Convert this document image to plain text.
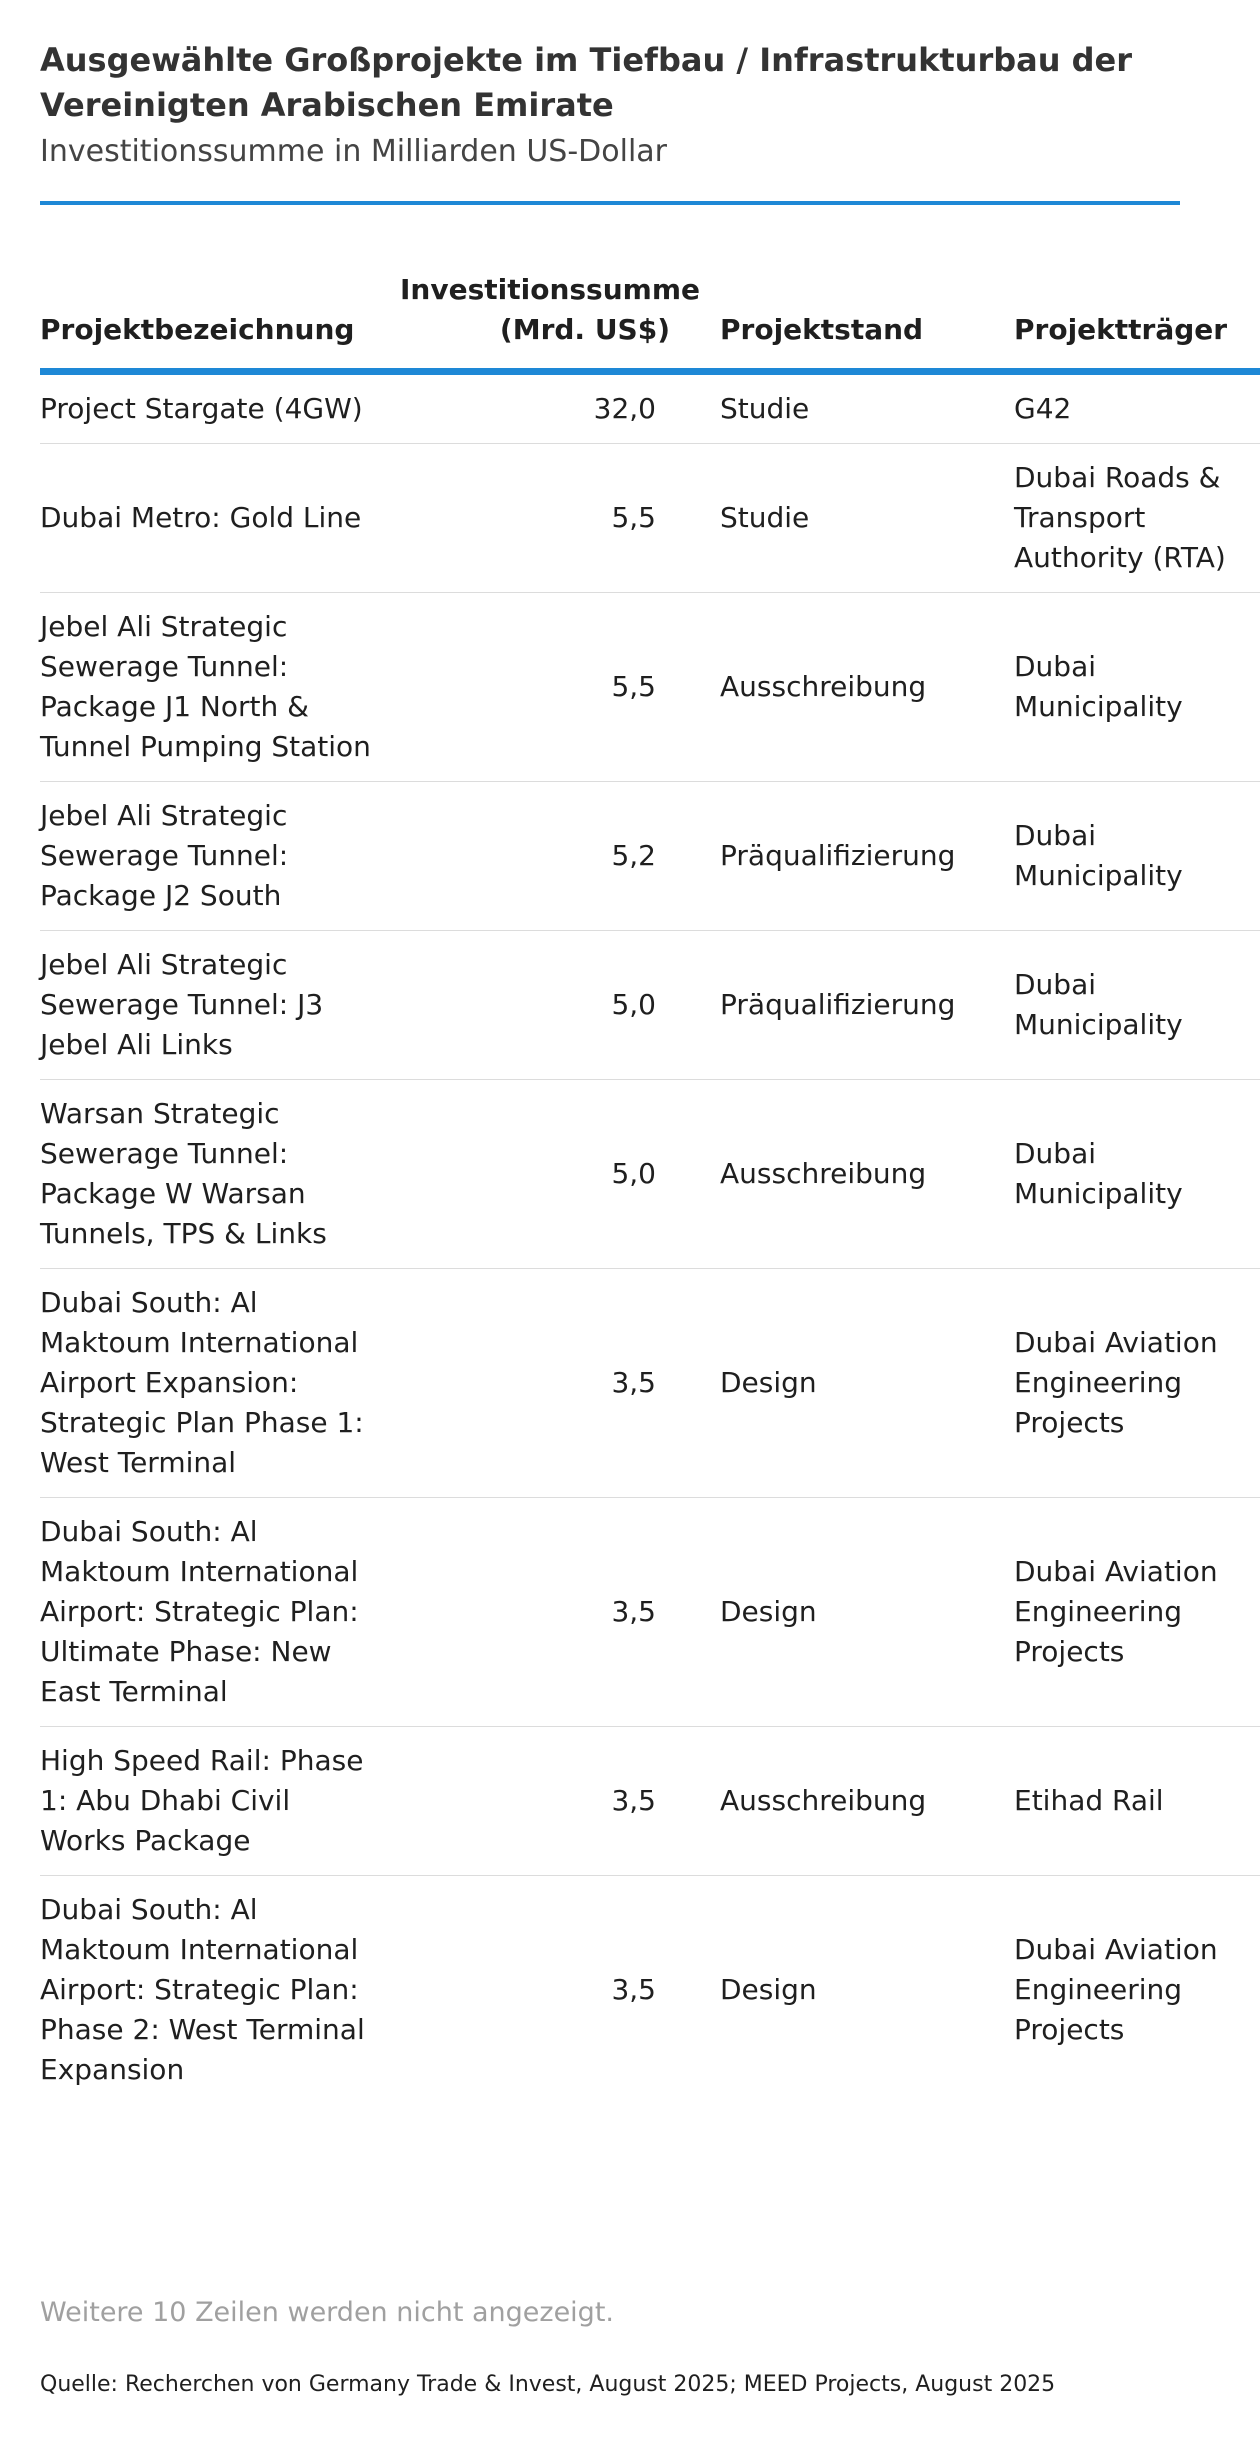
Ausgewählte Großprojekte im Tiefbau / Infrastrukturbau der Vereinigten Arabischen Emirate
Investitionssumme in Milliarden US-Dollar
Projektbezeichnung	Investitionssumme (Mrd. US$)	Projektstand	Projektträger
Project Stargate (4GW)	32,0	Studie	G42
Dubai Metro: Gold Line	5,5	Studie	Dubai Roads & Transport Authority (RTA)
Jebel Ali Strategic Sewerage Tunnel: Package J1 North & Tunnel Pumping Station	5,5	Ausschreibung	Dubai Municipality
Jebel Ali Strategic Sewerage Tunnel: Package J2 South	5,2	Präqualifizierung	Dubai Municipality
Jebel Ali Strategic Sewerage Tunnel: J3 Jebel Ali Links	5,0	Präqualifizierung	Dubai Municipality
Warsan Strategic Sewerage Tunnel: Package W Warsan Tunnels, TPS & Links	5,0	Ausschreibung	Dubai Municipality
Dubai South: Al Maktoum International Airport Expansion: Strategic Plan Phase 1: West Terminal	3,5	Design	Dubai Aviation Engineering Projects
Dubai South: Al Maktoum International Airport: Strategic Plan: Ultimate Phase: New East Terminal	3,5	Design	Dubai Aviation Engineering Projects
High Speed Rail: Phase 1: Abu Dhabi Civil Works Package	3,5	Ausschreibung	Etihad Rail
Dubai South: Al Maktoum International Airport: Strategic Plan: Phase 2: West Terminal Expansion	3,5	Design	Dubai Aviation Engineering Projects
Weitere 10 Zeilen werden nicht angezeigt.
Quelle: Recherchen von Germany Trade & Invest, August 2025; MEED Projects, August 2025
